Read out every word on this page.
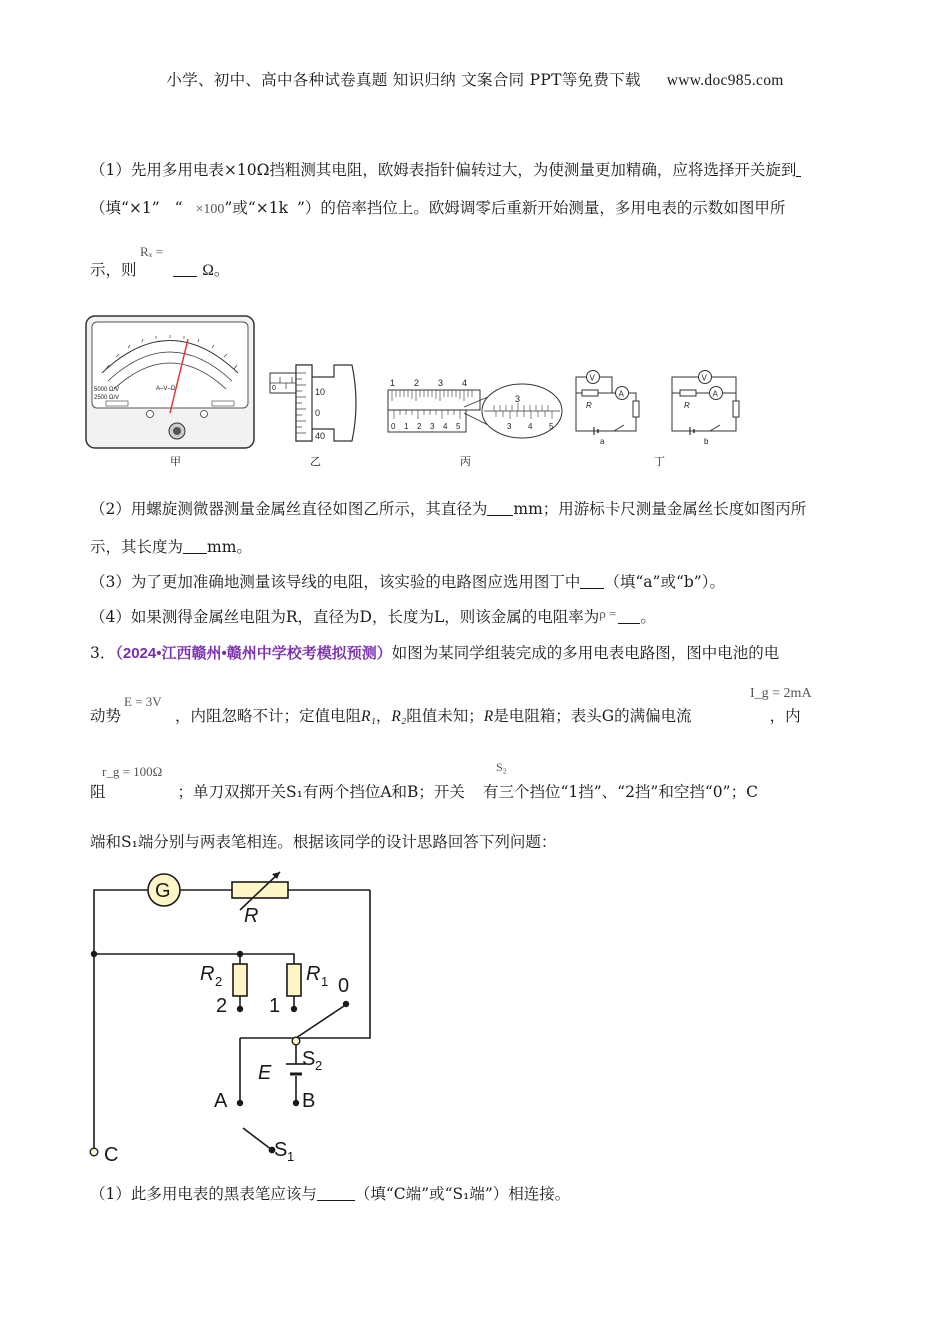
小学、初中、高中各种试卷真题 知识归纳 文案合同 PPT等免费下载 www.doc985.com
（1）先用多用电表×10Ω挡粗测其电阻，欧姆表指针偏转过大，为使测量更加精确，应将选择开关旋到
（填“×1” “ ×100”或“×1k ”）的倍率挡位上。欧姆调零后重新开始测量，多用电表的示数如图甲所
示，则
Rₓ =
Ω。
5000 Ω/V
2500 Ω/V
A–V–Ω
甲
0	10
0
40
乙
1 2 3 4
0 1 2 3 4 5
3
3 4 5
丙
V
R
A
a
V
R
A
b
丁
（2）用螺旋测微器测量金属丝直径如图乙所示，其直径为 mm；用游标卡尺测量金属丝长度如图丙所
示，其长度为 mm。
（3）为了更加准确地测量该导线的电阻，该实验的电路图应选用图丁中 （填“a”或“b”）。
（4）如果测得金属丝电阻为R，直径为D，长度为L，则该金属的电阻率为$^{\rho =}$ 。
3．（2024•江西赣州•赣州中学校考模拟预测）如图为某同学组装完成的多用电表电路图，图中电池的电
动势
E = 3V
，内阻忽略不计；定值电阻R₁，R₂阻值未知；R是电阻箱；表头G的满偏电流
I_g = 2mA
，内
阻
r_g = 100Ω
；单刀双掷开关S₁有两个挡位A和B；开关
S₂
有三个挡位“1挡”、“2挡”和空挡“0”；C
端和S₁端分别与两表笔相连。根据该同学的设计思路回答下列问题：
G
R
R 2
2
R 1
1
0
S 2
E
A	B
S 1
C
（1）此多用电表的黑表笔应该与 （填“C端”或“S₁端”）相连接。
